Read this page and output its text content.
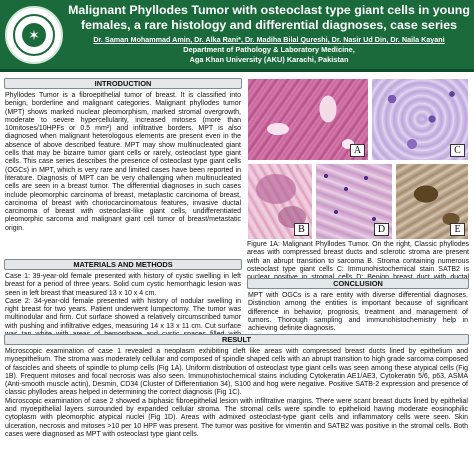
✶
Malignant Phyllodes Tumor with osteoclast type giant cells in young females, a rare histology and differential diagnoses, case series
Dr. Saman Mohammad Amin, Dr. Alka Rani*, Dr. Madiha Bilal Qureshi, Dr. Nasir Ud Din, Dr. Naila Kayani
Department of Pathology & Laboratory Medicine,
Aga Khan University (AKU) Karachi, Pakistan
INTRODUCTION

Phyllodes Tumor is a fibroepithelial tumor of breast. It is classified into benign, borderline and malignant categories. Malignant phyllodes tumor (MPT) shows marked nuclear pleomorphism, marked stromal overgrowth, moderate to severe hypercellularity, increased mitoses (more than 10mitoses/10HPFs or 0.5 mm²) and infiltrative borders. MPT is also diagnosed when malignant heterologous elements are present even in the absence of above described feature. MPT may show multinucleated giant cells that may be bizarre tumor giant cells or rarely, osteoclast type giant cells. This case series describes the presence of osteoclast type giant cells (OGCs) in MPT, which is very rare and limited cases have been reported in literature. Diagnosis of MPT can be very challenging when multinucleated cells are seen in a breast tumor. The differential diagnoses in such cases include pleomorphic carcinoma of breast, metaplastic carcinoma of breast, carcinoma of breast with choriocarcinomatous features, invasive ductal carcinoma of breast with osteoclast-like giant cells, undifferentiated pleomorphic sarcoma and malignant giant cell tumor of breast/metastatic origin.

MATERIALS AND METHODS

Case 1: 39-year-old female presented with history of cystic swelling in left breast for a period of three years. Solid cum cystic hemorrhagic lesion was seen in left breast that measured 13 x 10 x 4 cm.

Case 2: 34-year-old female presented with history of nodular swelling in right breast for two years. Patient underwent lumpectomy. The tumor was multinodular and firm. Cut surface showed a relatively circumscribed tumor with pushing and infiltrative edges, measuring 14 x 13 x 11 cm. Cut surface

A	C
B	D	E
Figure 1A: Malignant Phyllodes Tumor. On the right, Classic phyllodes areas with compressed breast ducts and sclerotic stroma are present with an abrupt transition to sarcoma B. Stroma containing numerous osteoclast type giant cells C: Immunohistochemical stain SATB2 is
CONCLUSION

MPT with OGCs is a rare entity with diverse differential diagnoses. Distinction among the entities is important because of significant difference in behavior, prognosis, treatment and management of tumors. Thorough sampling and immunohistochemistry help in achieving definite diagnosis.

RESULT

Microscopic examination of case 1 revealed a neoplasm exhibiting cleft like areas with compressed breast ducts lined by epithelium and myoepithelium. The stroma was moderately cellular and composed of spindle shaped cells with an abrupt transition to high grade sarcoma composed of fascicles and sheets of spindle to plump cells (Fig 1A). Uniform distribution of osteoclast type giant cells was seen among these atypical cells (Fig 1B). Frequent mitoses and focal necrosis was also seen. Immunohistochemical stains including Cytokeratin AE1/AE3, Cytokeratin 5/6, p63, ASMA (Anti-smooth muscle actin), Desmin, CD34 (Cluster of Differentiation 34), S100 and hog were negative. Positive SATB-2 expression and presence of classic phyllodes areas helped in determining the correct diagnosis (Fig 1C).

Microscopic examination of case 2 showed a biphasic fibroepithelial lesion with infiltrative margins. There were scant breast ducts lined by epithelial and myoepithelial layers surrounded by expanded cellular stroma. The stromal cells were spindle to epithelioid having moderate eosinophilic cytoplasm with pleomorphic atypical nuclei (Fig 1D). Areas with admixed osteoclast-type giant cells and inflammatory cells were seen. Skin ulceration, necrosis and mitoses >10 per 10 HPF was present. The tumor was positive for vimentin and SATB2 was positive in the stromal cells. Both cases were diagnosed as MPT with osteoclast type giant cells.
